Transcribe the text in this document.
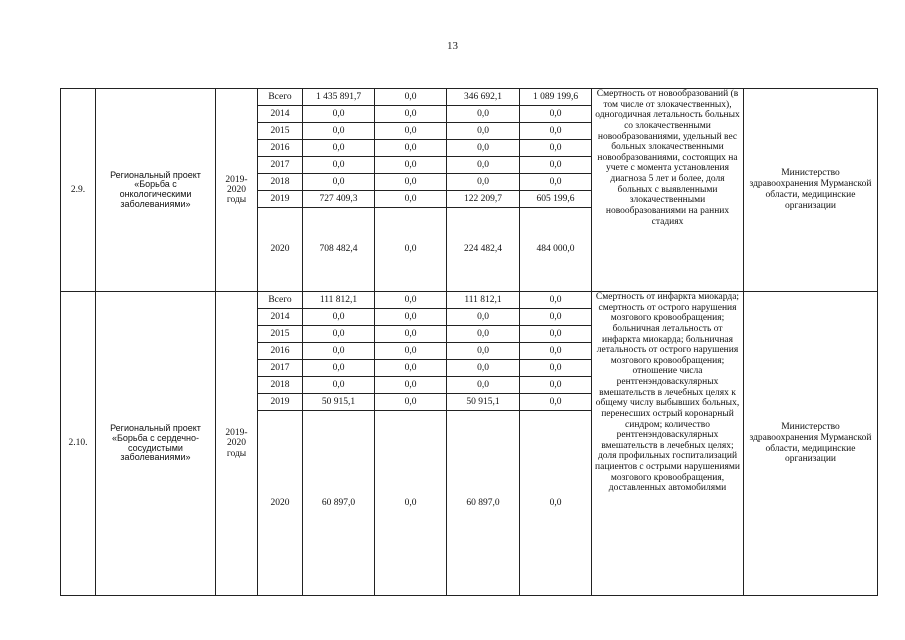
13
2.9.	Региональный проект «Борьба с онкологическими заболеваниями»	2019-2020 годы	Всего	1 435 891,7	0,0	346 692,1	1 089 199,6	Смертность от новообразований (в том числе от злокачественных), одногодичная летальность больных со злокачественными новообразованиями, удельный вес больных злокачественными новообразованиями, состоящих на учете с момента установления диагноза 5 лет и более, доля больных с выявленными злокачественными новообразованиями на ранних стадиях	Министерство здравоохранения Мурманской области, медицинские организации
			2014	0,0	0,0	0,0	0,0		
			2015	0,0	0,0	0,0	0,0		
			2016	0,0	0,0	0,0	0,0		
			2017	0,0	0,0	0,0	0,0		
			2018	0,0	0,0	0,0	0,0		
			2019	727 409,3	0,0	122 209,7	605 199,6		
			2020	708 482,4	0,0	224 482,4	484 000,0		
2.10.	Региональный проект «Борьба с сердечно-сосудистыми заболеваниями»	2019-2020 годы	Всего	111 812,1	0,0	111 812,1	0,0	Смертность от инфаркта миокарда; смертность от острого нарушения мозгового кровообращения; больничная летальность от инфаркта миокарда; больничная летальность от острого нарушения мозгового кровообращения; отношение числа рентгенэндоваскулярных вмешательств в лечебных целях к общему числу выбывших больных, перенесших острый коронарный синдром; количество рентгенэндоваскулярных вмешательств в лечебных целях; доля профильных госпитализаций пациентов с острыми нарушениями мозгового кровообращения, доставленных автомобилями	Министерство здравоохранения Мурманской области, медицинские организации
			2014	0,0	0,0	0,0	0,0		
			2015	0,0	0,0	0,0	0,0		
			2016	0,0	0,0	0,0	0,0		
			2017	0,0	0,0	0,0	0,0		
			2018	0,0	0,0	0,0	0,0		
			2019	50 915,1	0,0	50 915,1	0,0		
			2020	60 897,0	0,0	60 897,0	0,0		
